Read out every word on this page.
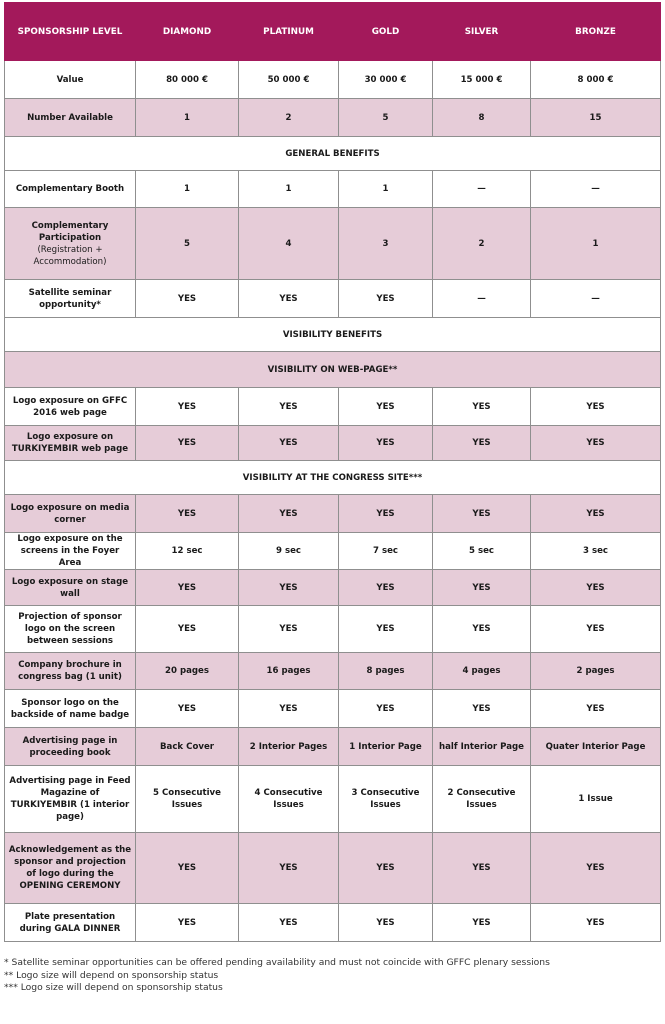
SPONSORSHIP LEVEL	DIAMOND	PLATINUM	GOLD	SILVER	BRONZE
Value	80 000 €	50 000 €	30 000 €	15 000 €	8 000 €
Number Available	1	2	5	8	15
GENERAL BENEFITS					
Complementary Booth	1	1	1	—	—
Complementary Participation
(Registration + Accommodation)	5	4	3	2	1
Satellite seminar opportunity*	YES	YES	YES	—	—
VISIBILITY BENEFITS					
VISIBILITY ON WEB-PAGE**					
Logo exposure on GFFC 2016 web page	YES	YES	YES	YES	YES
Logo exposure on TURKIYEMBIR web page	YES	YES	YES	YES	YES
VISIBILITY AT THE CONGRESS SITE***					
Logo exposure on media corner	YES	YES	YES	YES	YES
Logo exposure on the screens in the Foyer Area	12 sec	9 sec	7 sec	5 sec	3 sec
Logo exposure on stage wall	YES	YES	YES	YES	YES
Projection of sponsor logo on the screen between sessions	YES	YES	YES	YES	YES
Company brochure in congress bag (1 unit)	20 pages	16 pages	8 pages	4 pages	2 pages
Sponsor logo on the backside of name badge	YES	YES	YES	YES	YES
Advertising page in proceeding book	Back Cover	2 Interior Pages	1 Interior Page	half Interior Page	Quater Interior Page
Advertising page in Feed Magazine of TURKIYEMBIR (1 interior page)	5 Consecutive Issues	4 Consecutive Issues	3 Consecutive Issues	2 Consecutive Issues	1 Issue
Acknowledgement as the sponsor and projection of logo during the OPENING CEREMONY	YES	YES	YES	YES	YES
Plate presentation during GALA DINNER	YES	YES	YES	YES	YES
* Satellite seminar opportunities can be offered pending availability and must not coincide with GFFC plenary sessions
** Logo size will depend on sponsorship status
*** Logo size will depend on sponsorship status
